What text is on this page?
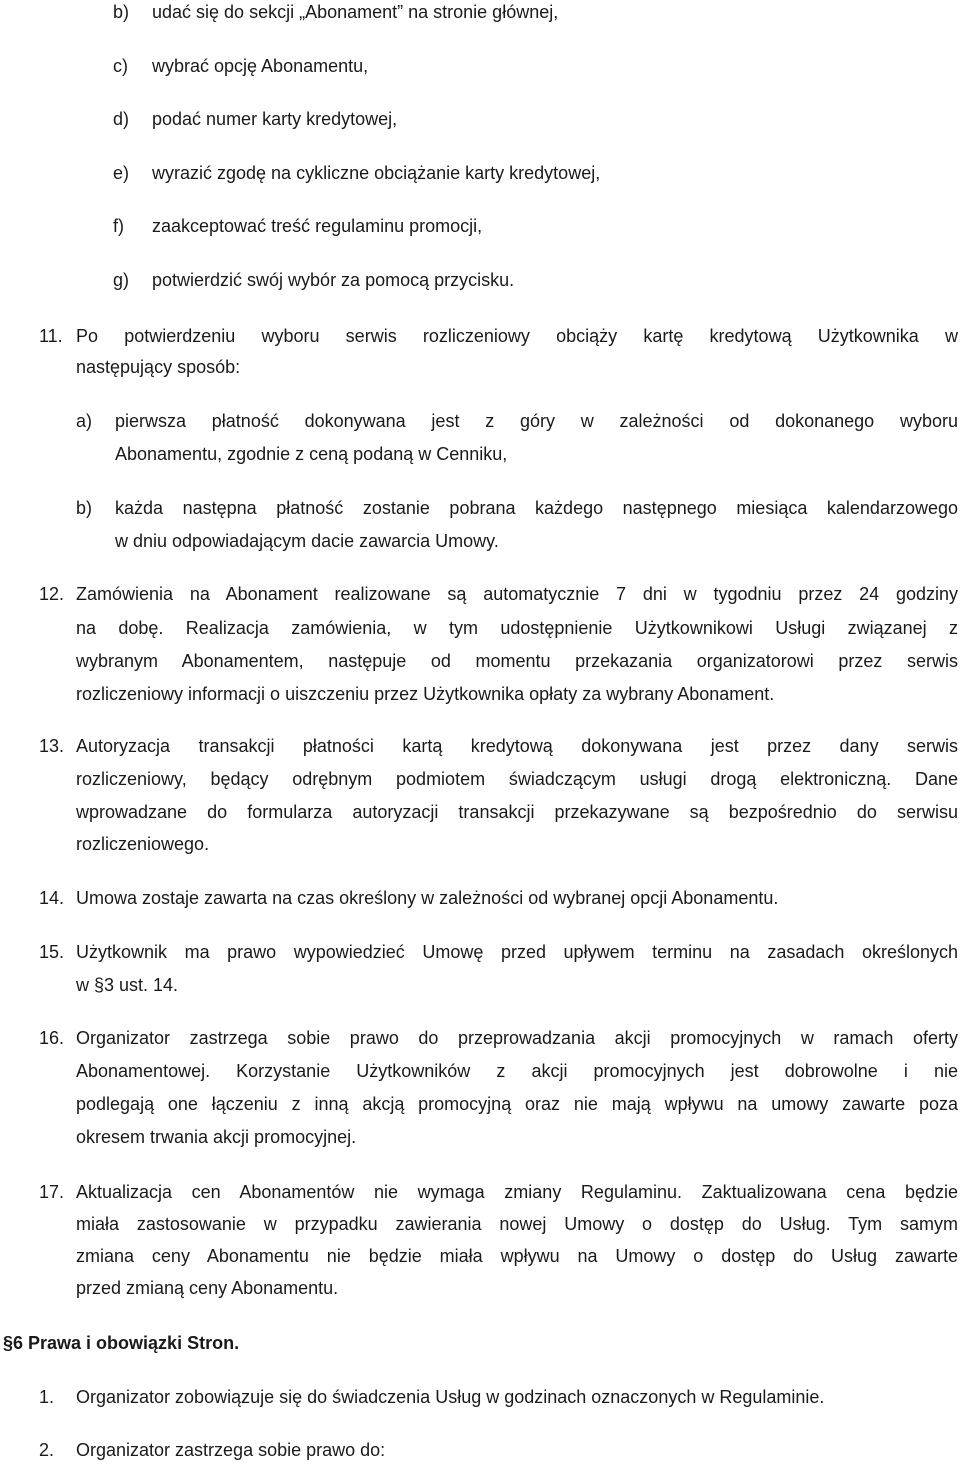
b) udać się do sekcji „Abonament” na stronie głównej,
c) wybrać opcję Abonamentu,
d) podać numer karty kredytowej,
e) wyrazić zgodę na cykliczne obciążanie karty kredytowej,
f) zaakceptować treść regulaminu promocji,
g) potwierdzić swój wybór za pomocą przycisku.
11. Po potwierdzeniu wyboru serwis rozliczeniowy obciąży kartę kredytową Użytkownika w
następujący sposób:
a) pierwsza płatność dokonywana jest z góry w zależności od dokonanego wyboru
Abonamentu, zgodnie z ceną podaną w Cenniku,
b) każda następna płatność zostanie pobrana każdego następnego miesiąca kalendarzowego
w dniu odpowiadającym dacie zawarcia Umowy.
12. Zamówienia na Abonament realizowane są automatycznie 7 dni w tygodniu przez 24 godziny
na dobę. Realizacja zamówienia, w tym udostępnienie Użytkownikowi Usługi związanej z
wybranym Abonamentem, następuje od momentu przekazania organizatorowi przez serwis
rozliczeniowy informacji o uiszczeniu przez Użytkownika opłaty za wybrany Abonament.
13. Autoryzacja transakcji płatności kartą kredytową dokonywana jest przez dany serwis
rozliczeniowy, będący odrębnym podmiotem świadczącym usługi drogą elektroniczną. Dane
wprowadzane do formularza autoryzacji transakcji przekazywane są bezpośrednio do serwisu
rozliczeniowego.
14. Umowa zostaje zawarta na czas określony w zależności od wybranej opcji Abonamentu.
15. Użytkownik ma prawo wypowiedzieć Umowę przed upływem terminu na zasadach określonych
w §3 ust. 14.
16. Organizator zastrzega sobie prawo do przeprowadzania akcji promocyjnych w ramach oferty
Abonamentowej. Korzystanie Użytkowników z akcji promocyjnych jest dobrowolne i nie
podlegają one łączeniu z inną akcją promocyjną oraz nie mają wpływu na umowy zawarte poza
okresem trwania akcji promocyjnej.
17. Aktualizacja cen Abonamentów nie wymaga zmiany Regulaminu. Zaktualizowana cena będzie
miała zastosowanie w przypadku zawierania nowej Umowy o dostęp do Usług. Tym samym
zmiana ceny Abonamentu nie będzie miała wpływu na Umowy o dostęp do Usług zawarte
przed zmianą ceny Abonamentu.
§6 Prawa i obowiązki Stron.
1. Organizator zobowiązuje się do świadczenia Usług w godzinach oznaczonych w Regulaminie.
2. Organizator zastrzega sobie prawo do:
